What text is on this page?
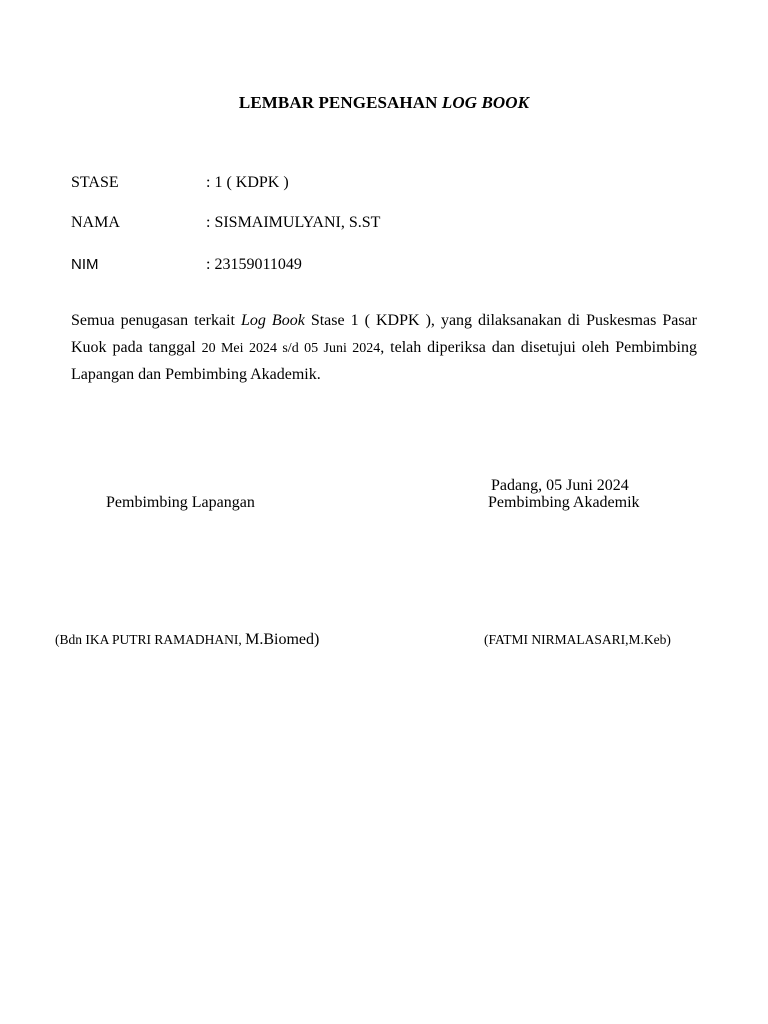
LEMBAR PENGESAHAN LOG BOOK
STASE	: 1 ( KDPK )
NAMA	: SISMAIMULYANI, S.ST
NIM	: 23159011049
Semua penugasan terkait Log Book Stase 1 ( KDPK ), yang dilaksanakan di Puskesmas Pasar Kuok pada tanggal 20 Mei 2024 s/d 05 Juni 2024, telah diperiksa dan disetujui oleh Pembimbing Lapangan dan Pembimbing Akademik.
Padang, 05 Juni 2024
Pembimbing Lapangan	Pembimbing Akademik
(Bdn IKA PUTRI RAMADHANI, M.Biomed)	(FATMI NIRMALASARI,M.Keb)
